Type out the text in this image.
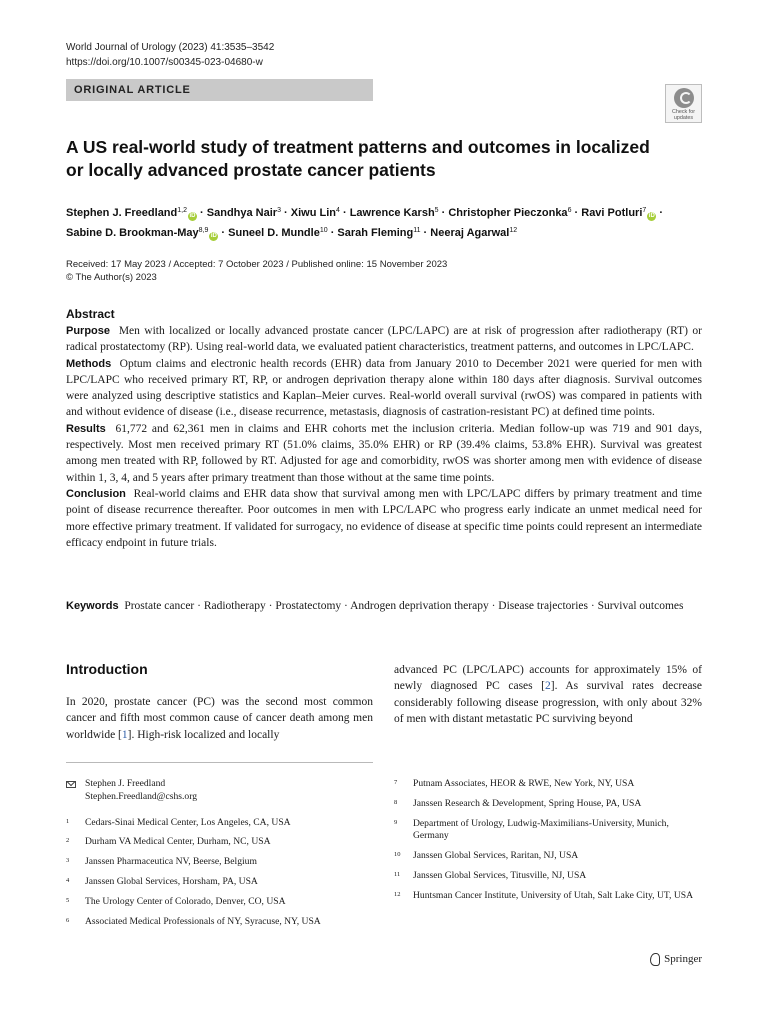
World Journal of Urology (2023) 41:3535–3542
https://doi.org/10.1007/s00345-023-04680-w
ORIGINAL ARTICLE
Check for
updates
A US real-world study of treatment patterns and outcomes in localized
or locally advanced prostate cancer patients
Stephen J. Freedland$^{1,2}$iD · Sandhya Nair$^3$ · Xiwu Lin$^4$ · Lawrence Karsh$^5$ · Christopher Pieczonka$^6$ · Ravi Potluri$^7$iD ·
Sabine D. Brookman‑May$^{8,9}$iD · Suneel D. Mundle$^{10}$ · Sarah Fleming$^{11}$ · Neeraj Agarwal$^{12}$
Received: 17 May 2023 / Accepted: 7 October 2023 / Published online: 15 November 2023
© The Author(s) 2023
Abstract

Purpose Men with localized or locally advanced prostate cancer (LPC/LAPC) are at risk of progression after radiotherapy (RT) or radical prostatectomy (RP). Using real-world data, we evaluated patient characteristics, treatment patterns, and outcomes in LPC/LAPC.

Methods Optum claims and electronic health records (EHR) data from January 2010 to December 2021 were queried for men with LPC/LAPC who received primary RT, RP, or androgen deprivation therapy alone within 180 days after diagnosis. Survival outcomes were analyzed using descriptive statistics and Kaplan–Meier curves. Real-world overall survival (rwOS) was compared in patients with and without evidence of disease (i.e., disease recurrence, metastasis, diagnosis of castration-resistant PC) at defined time points.

Results 61,772 and 62,361 men in claims and EHR cohorts met the inclusion criteria. Median follow-up was 719 and 901 days, respectively. Most men received primary RT (51.0% claims, 35.0% EHR) or RP (39.4% claims, 53.8% EHR). Survival was greatest among men treated with RP, followed by RT. Adjusted for age and comorbidity, rwOS was shorter among men with evidence of disease within 1, 3, 4, and 5 years after primary treatment than those without at the same time points.

Conclusion Real-world claims and EHR data show that survival among men with LPC/LAPC differs by primary treatment and time point of disease recurrence thereafter. Poor outcomes in men with LPC/LAPC who progress early indicate an unmet medical need for more effective primary treatment. If validated for surrogacy, no evidence of disease at specific time points could represent an intermediate efficacy endpoint in future trials.

Keywords Prostate cancer · Radiotherapy · Prostatectomy · Androgen deprivation therapy · Disease trajectories · Survival outcomes
Introduction

In 2020, prostate cancer (PC) was the second most common cancer and fifth most common cause of cancer death among men worldwide [1]. High-risk localized and locally

advanced PC (LPC/LAPC) accounts for approximately 15% of newly diagnosed PC cases [2]. As survival rates decrease considerably following disease progression, with only about 32% of men with distant metastatic PC surviving beyond

Stephen J. Freedland
Stephen.Freedland@cshs.org
1	Cedars-Sinai Medical Center, Los Angeles, CA, USA
2	Durham VA Medical Center, Durham, NC, USA
3	Janssen Pharmaceutica NV, Beerse, Belgium
4	Janssen Global Services, Horsham, PA, USA
5	The Urology Center of Colorado, Denver, CO, USA
6	Associated Medical Professionals of NY, Syracuse, NY, USA
7	Putnam Associates, HEOR & RWE, New York, NY, USA
8	Janssen Research & Development, Spring House, PA, USA
9	Department of Urology, Ludwig-Maximilians-University, Munich, Germany
10	Janssen Global Services, Raritan, NJ, USA
11	Janssen Global Services, Titusville, NJ, USA
12	Huntsman Cancer Institute, University of Utah, Salt Lake City, UT, USA
Springer
